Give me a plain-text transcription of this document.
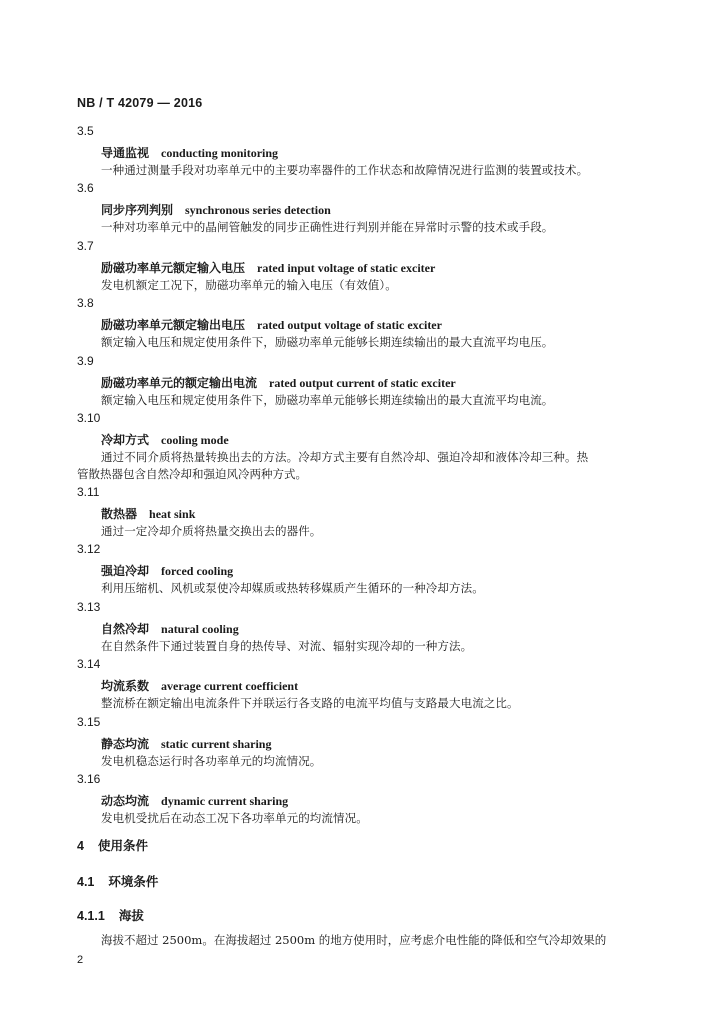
NB / T 42079 — 2016
3.5
导通监视 conducting monitoring
一种通过测量手段对功率单元中的主要功率器件的工作状态和故障情况进行监测的装置或技术。
3.6
同步序列判别 synchronous series detection
一种对功率单元中的晶闸管触发的同步正确性进行判别并能在异常时示警的技术或手段。
3.7
励磁功率单元额定输入电压 rated input voltage of static exciter
发电机额定工况下，励磁功率单元的输入电压（有效值）。
3.8
励磁功率单元额定输出电压 rated output voltage of static exciter
额定输入电压和规定使用条件下，励磁功率单元能够长期连续输出的最大直流平均电压。
3.9
励磁功率单元的额定输出电流 rated output current of static exciter
额定输入电压和规定使用条件下，励磁功率单元能够长期连续输出的最大直流平均电流。
3.10
冷却方式 cooling mode
通过不同介质将热量转换出去的方法。冷却方式主要有自然冷却、强迫冷却和液体冷却三种。热
管散热器包含自然冷却和强迫风冷两种方式。
3.11
散热器 heat sink
通过一定冷却介质将热量交换出去的器件。
3.12
强迫冷却 forced cooling
利用压缩机、风机或泵使冷却媒质或热转移媒质产生循环的一种冷却方法。
3.13
自然冷却 natural cooling
在自然条件下通过装置自身的热传导、对流、辐射实现冷却的一种方法。
3.14
均流系数 average current coefficient
整流桥在额定输出电流条件下并联运行各支路的电流平均值与支路最大电流之比。
3.15
静态均流 static current sharing
发电机稳态运行时各功率单元的均流情况。
3.16
动态均流 dynamic current sharing
发电机受扰后在动态工况下各功率单元的均流情况。
4 使用条件
4.1 环境条件
4.1.1 海拔
海拔不超过 2500m。在海拔超过 2500m 的地方使用时，应考虑介电性能的降低和空气冷却效果的
2
